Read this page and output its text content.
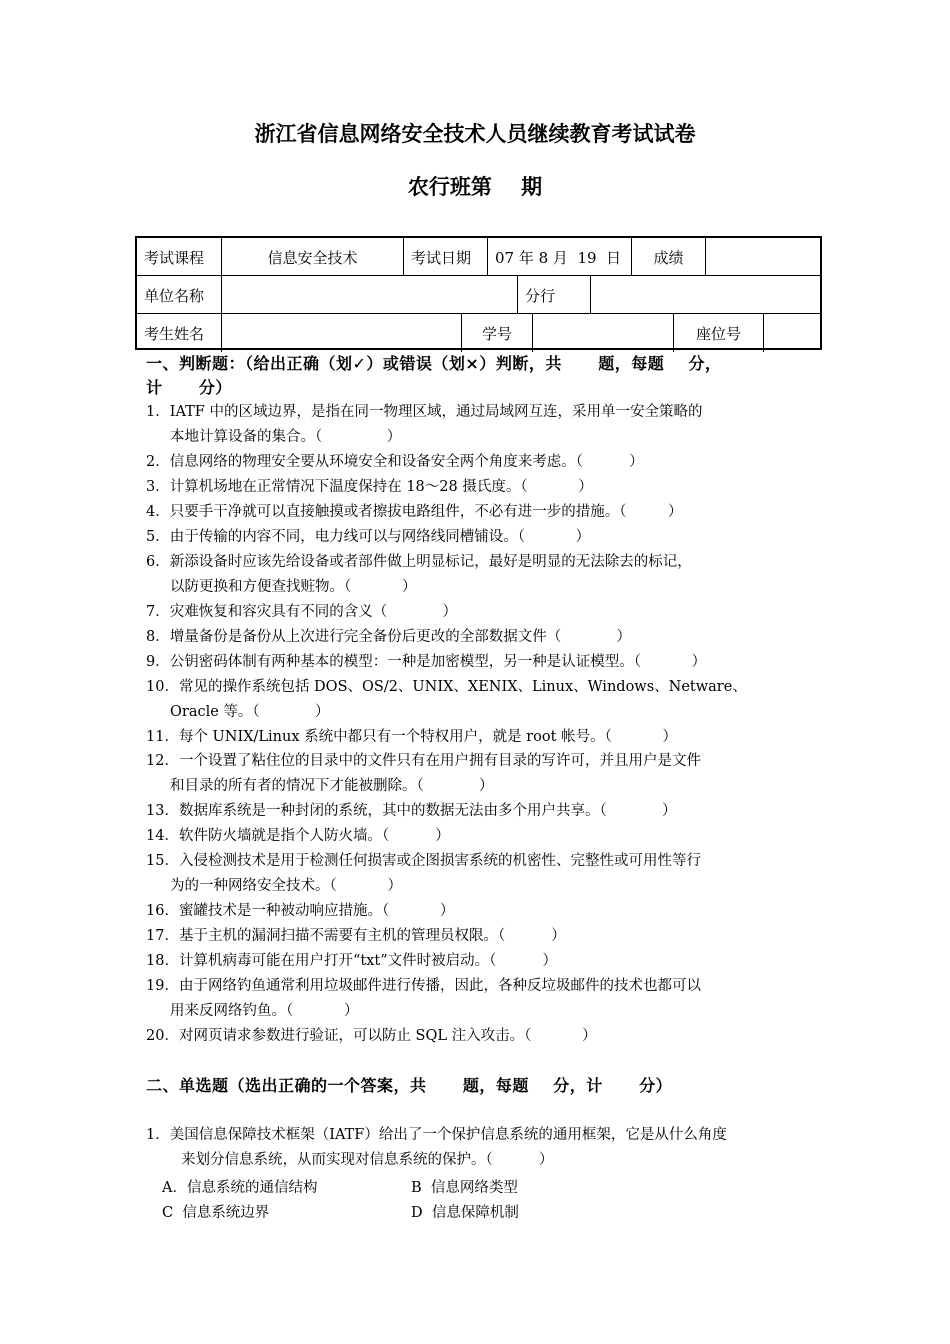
浙江省信息网络安全技术人员继续教育考试试卷
农行班第    期
考试课程	信息安全技术	考试日期	07 年 8 月  19  日	成绩
单位名称	分行
考生姓名	学号	座位号
一、判断题：（给出正确（划✓）或错误（划×）判断，共      题，每题    分，
计      分）
1．IATF 中的区域边界，是指在同一物理区域，通过局域网互连，采用单一安全策略的
本地计算设备的集合。（              ）
2．信息网络的物理安全要从环境安全和设备安全两个角度来考虑。（          ）
3．计算机场地在正常情况下温度保持在 18～28 摄氏度。（           ）
4．只要手干净就可以直接触摸或者擦拔电路组件，不必有进一步的措施。（         ）
5．由于传输的内容不同，电力线可以与网络线同槽铺设。（           ）
6．新添设备时应该先给设备或者部件做上明显标记，最好是明显的无法除去的标记，
以防更换和方便查找赃物。（           ）
7．灾难恢复和容灾具有不同的含义（            ）
8．增量备份是备份从上次进行完全备份后更改的全部数据文件（            ）
9．公钥密码体制有两种基本的模型：一种是加密模型，另一种是认证模型。（           ）
10．常见的操作系统包括 DOS、OS/2、UNIX、XENIX、Linux、Windows、Netware、
Oracle 等。（            ）
11．每个 UNIX/Linux 系统中都只有一个特权用户，就是 root 帐号。（           ）
12．一个设置了粘住位的目录中的文件只有在用户拥有目录的写许可，并且用户是文件
和目录的所有者的情况下才能被删除。（            ）
13．数据库系统是一种封闭的系统，其中的数据无法由多个用户共享。（            ）
14．软件防火墙就是指个人防火墙。（          ）
15．入侵检测技术是用于检测任何损害或企图损害系统的机密性、完整性或可用性等行
为的一种网络安全技术。（           ）
16．蜜罐技术是一种被动响应措施。（           ）
17．基于主机的漏洞扫描不需要有主机的管理员权限。（          ）
18．计算机病毒可能在用户打开“txt”文件时被启动。（          ）
19．由于网络钓鱼通常利用垃圾邮件进行传播，因此，各种反垃圾邮件的技术也都可以
用来反网络钓鱼。（           ）
20．对网页请求参数进行验证，可以防止 SQL 注入攻击。（           ）
二、单选题（选出正确的一个答案，共      题，每题    分，计      分）
1．美国信息保障技术框架（IATF）给出了一个保护信息系统的通用框架，它是从什么角度
来划分信息系统，从而实现对信息系统的保护。（          ）
A．信息系统的通信结构	B  信息网络类型
C  信息系统边界	D  信息保障机制
